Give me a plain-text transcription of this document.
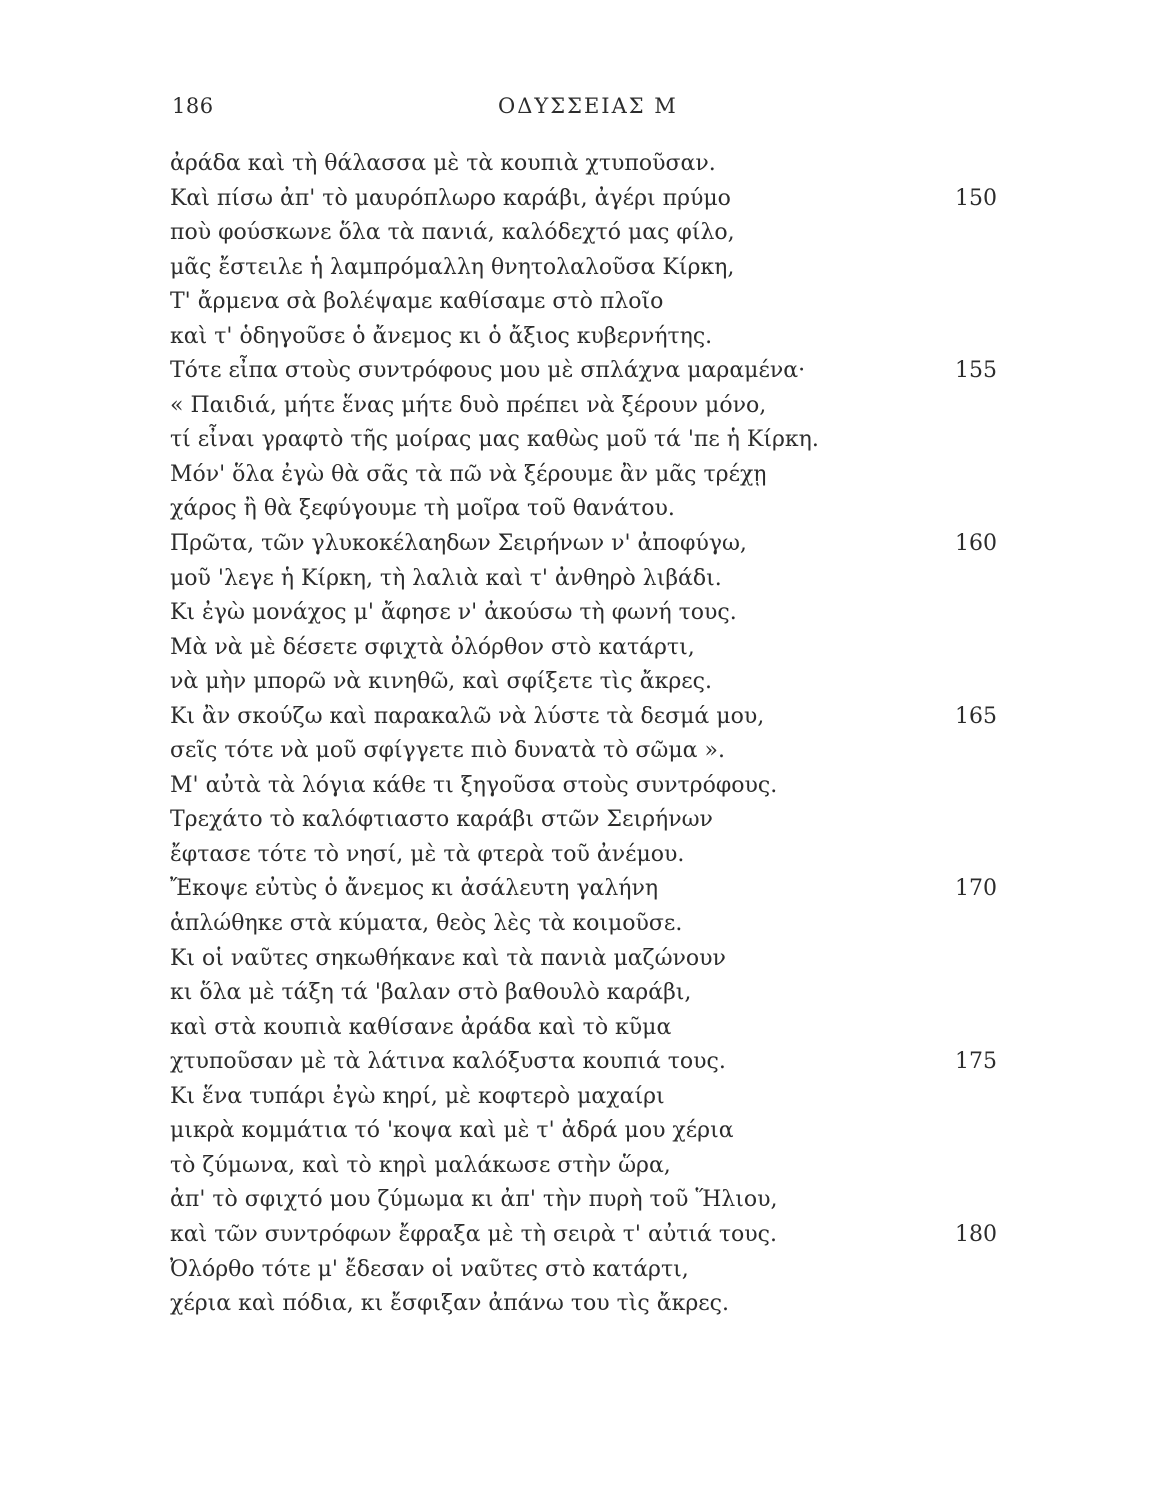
186	ΟΔΥΣΣΕΙΑΣ Μ
ἀράδα καὶ τὴ θάλασσα μὲ τὰ κουπιὰ χτυποῦσαν.
Καὶ πίσω ἀπ' τὸ μαυρόπλωρο καράβι, ἀγέρι πρύμο	150
ποὺ φούσκωνε ὅλα τὰ πανιά, καλόδεχτό μας φίλο,
μᾶς ἔστειλε ἡ λαμπρόμαλλη θνητολαλοῦσα Κίρκη,
Τ' ἄρμενα σὰ βολέψαμε καθίσαμε στὸ πλοῖο
καὶ τ' ὁδηγοῦσε ὁ ἄνεμος κι ὁ ἄξιος κυβερνήτης.
Τότε εἶπα στοὺς συντρόφους μου μὲ σπλάχνα μαραμένα·	155
« Παιδιά, μήτε ἕνας μήτε δυὸ πρέπει νὰ ξέρουν μόνο,
τί εἶναι γραφτὸ τῆς μοίρας μας καθὼς μοῦ τά 'πε ἡ Κίρκη.
Μόν' ὅλα ἐγὼ θὰ σᾶς τὰ πῶ νὰ ξέρουμε ἂν μᾶς τρέχῃ
χάρος ἢ θὰ ξεφύγουμε τὴ μοῖρα τοῦ θανάτου.
Πρῶτα, τῶν γλυκοκέλαηδων Σειρήνων ν' ἀποφύγω,	160
μοῦ 'λεγε ἡ Κίρκη, τὴ λαλιὰ καὶ τ' ἀνθηρὸ λιβάδι.
Κι ἐγὼ μονάχος μ' ἄφησε ν' ἀκούσω τὴ φωνή τους.
Μὰ νὰ μὲ δέσετε σφιχτὰ ὀλόρθον στὸ κατάρτι,
νὰ μὴν μπορῶ νὰ κινηθῶ, καὶ σφίξετε τὶς ἄκρες.
Κι ἂν σκούζω καὶ παρακαλῶ νὰ λύστε τὰ δεσμά μου,	165
σεῖς τότε νὰ μοῦ σφίγγετε πιὸ δυνατὰ τὸ σῶμα ».
Μ' αὐτὰ τὰ λόγια κάθε τι ξηγοῦσα στοὺς συντρόφους.
Τρεχάτο τὸ καλόφτιαστο καράβι στῶν Σειρήνων
ἔφτασε τότε τὸ νησί, μὲ τὰ φτερὰ τοῦ ἀνέμου.
Ἔκοψε εὐτὺς ὁ ἄνεμος κι ἀσάλευτη γαλήνη	170
ἁπλώθηκε στὰ κύματα, θεὸς λὲς τὰ κοιμοῦσε.
Κι οἱ ναῦτες σηκωθήκανε καὶ τὰ πανιὰ μαζώνουν
κι ὅλα μὲ τάξη τά 'βαλαν στὸ βαθουλὸ καράβι,
καὶ στὰ κουπιὰ καθίσανε ἀράδα καὶ τὸ κῦμα
χτυποῦσαν μὲ τὰ λάτινα καλόξυστα κουπιά τους.	175
Κι ἕνα τυπάρι ἐγὼ κηρί, μὲ κοφτερὸ μαχαίρι
μικρὰ κομμάτια τό 'κοψα καὶ μὲ τ' ἀδρά μου χέρια
τὸ ζύμωνα, καὶ τὸ κηρὶ μαλάκωσε στὴν ὥρα,
ἀπ' τὸ σφιχτό μου ζύμωμα κι ἀπ' τὴν πυρὴ τοῦ Ἥλιου,
καὶ τῶν συντρόφων ἔφραξα μὲ τὴ σειρὰ τ' αὐτιά τους.	180
Ὀλόρθο τότε μ' ἔδεσαν οἱ ναῦτες στὸ κατάρτι,
χέρια καὶ πόδια, κι ἔσφιξαν ἀπάνω του τὶς ἄκρες.
